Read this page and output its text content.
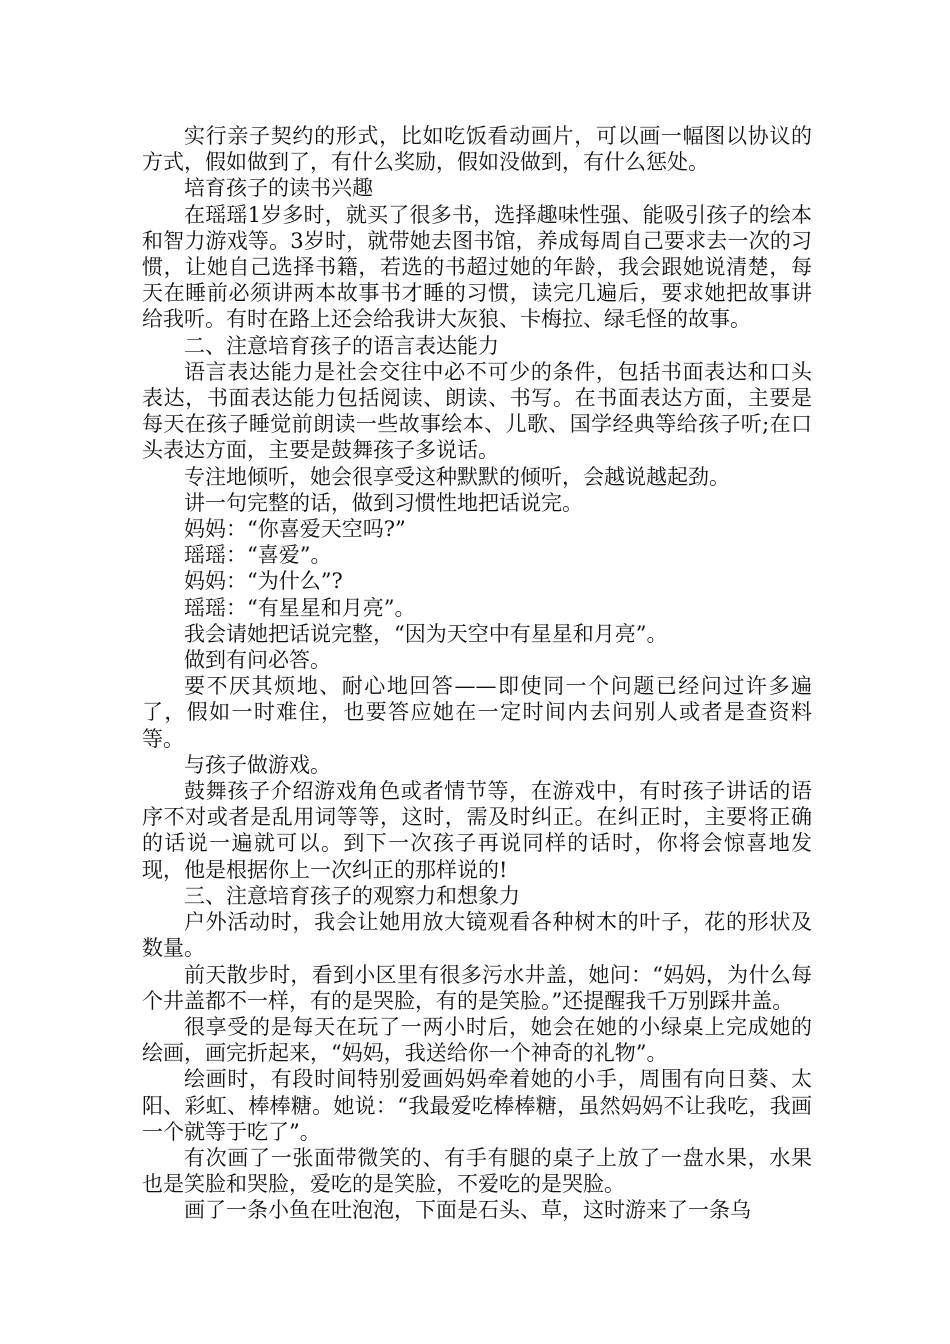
实行亲子契约的形式，比如吃饭看动画片，可以画一幅图以协议的方式，假如做到了，有什么奖励，假如没做到，有什么惩处。

培育孩子的读书兴趣

在瑶瑶1岁多时，就买了很多书，选择趣味性强、能吸引孩子的绘本和智力游戏等。3岁时，就带她去图书馆，养成每周自己要求去一次的习惯，让她自己选择书籍，若选的书超过她的年龄，我会跟她说清楚，每天在睡前必须讲两本故事书才睡的习惯，读完几遍后，要求她把故事讲给我听。有时在路上还会给我讲大灰狼、卡梅拉、绿毛怪的故事。

二、注意培育孩子的语言表达能力

语言表达能力是社会交往中必不可少的条件，包括书面表达和口头表达，书面表达能力包括阅读、朗读、书写。在书面表达方面，主要是每天在孩子睡觉前朗读一些故事绘本、儿歌、国学经典等给孩子听;在口头表达方面，主要是鼓舞孩子多说话。

专注地倾听，她会很享受这种默默的倾听，会越说越起劲。

讲一句完整的话，做到习惯性地把话说完。

妈妈：“你喜爱天空吗?”

瑶瑶：“喜爱”。

妈妈：“为什么”?

瑶瑶：“有星星和月亮”。

我会请她把话说完整，“因为天空中有星星和月亮”。

做到有问必答。

要不厌其烦地、耐心地回答——即使同一个问题已经问过许多遍了，假如一时难住，也要答应她在一定时间内去问别人或者是查资料等。

与孩子做游戏。

鼓舞孩子介绍游戏角色或者情节等，在游戏中，有时孩子讲话的语序不对或者是乱用词等等，这时，需及时纠正。在纠正时，主要将正确的话说一遍就可以。到下一次孩子再说同样的话时，你将会惊喜地发现，他是根据你上一次纠正的那样说的!

三、注意培育孩子的观察力和想象力

户外活动时，我会让她用放大镜观看各种树木的叶子，花的形状及数量。

前天散步时，看到小区里有很多污水井盖，她问：“妈妈，为什么每个井盖都不一样，有的是哭脸，有的是笑脸。”还提醒我千万别踩井盖。

很享受的是每天在玩了一两小时后，她会在她的小绿桌上完成她的绘画，画完折起来，“妈妈，我送给你一个神奇的礼物”。

绘画时，有段时间特别爱画妈妈牵着她的小手，周围有向日葵、太阳、彩虹、棒棒糖。她说：“我最爱吃棒棒糖，虽然妈妈不让我吃，我画一个就等于吃了”。

有次画了一张面带微笑的、有手有腿的桌子上放了一盘水果，水果也是笑脸和哭脸，爱吃的是笑脸，不爱吃的是哭脸。

画了一条小鱼在吐泡泡，下面是石头、草，这时游来了一条乌
